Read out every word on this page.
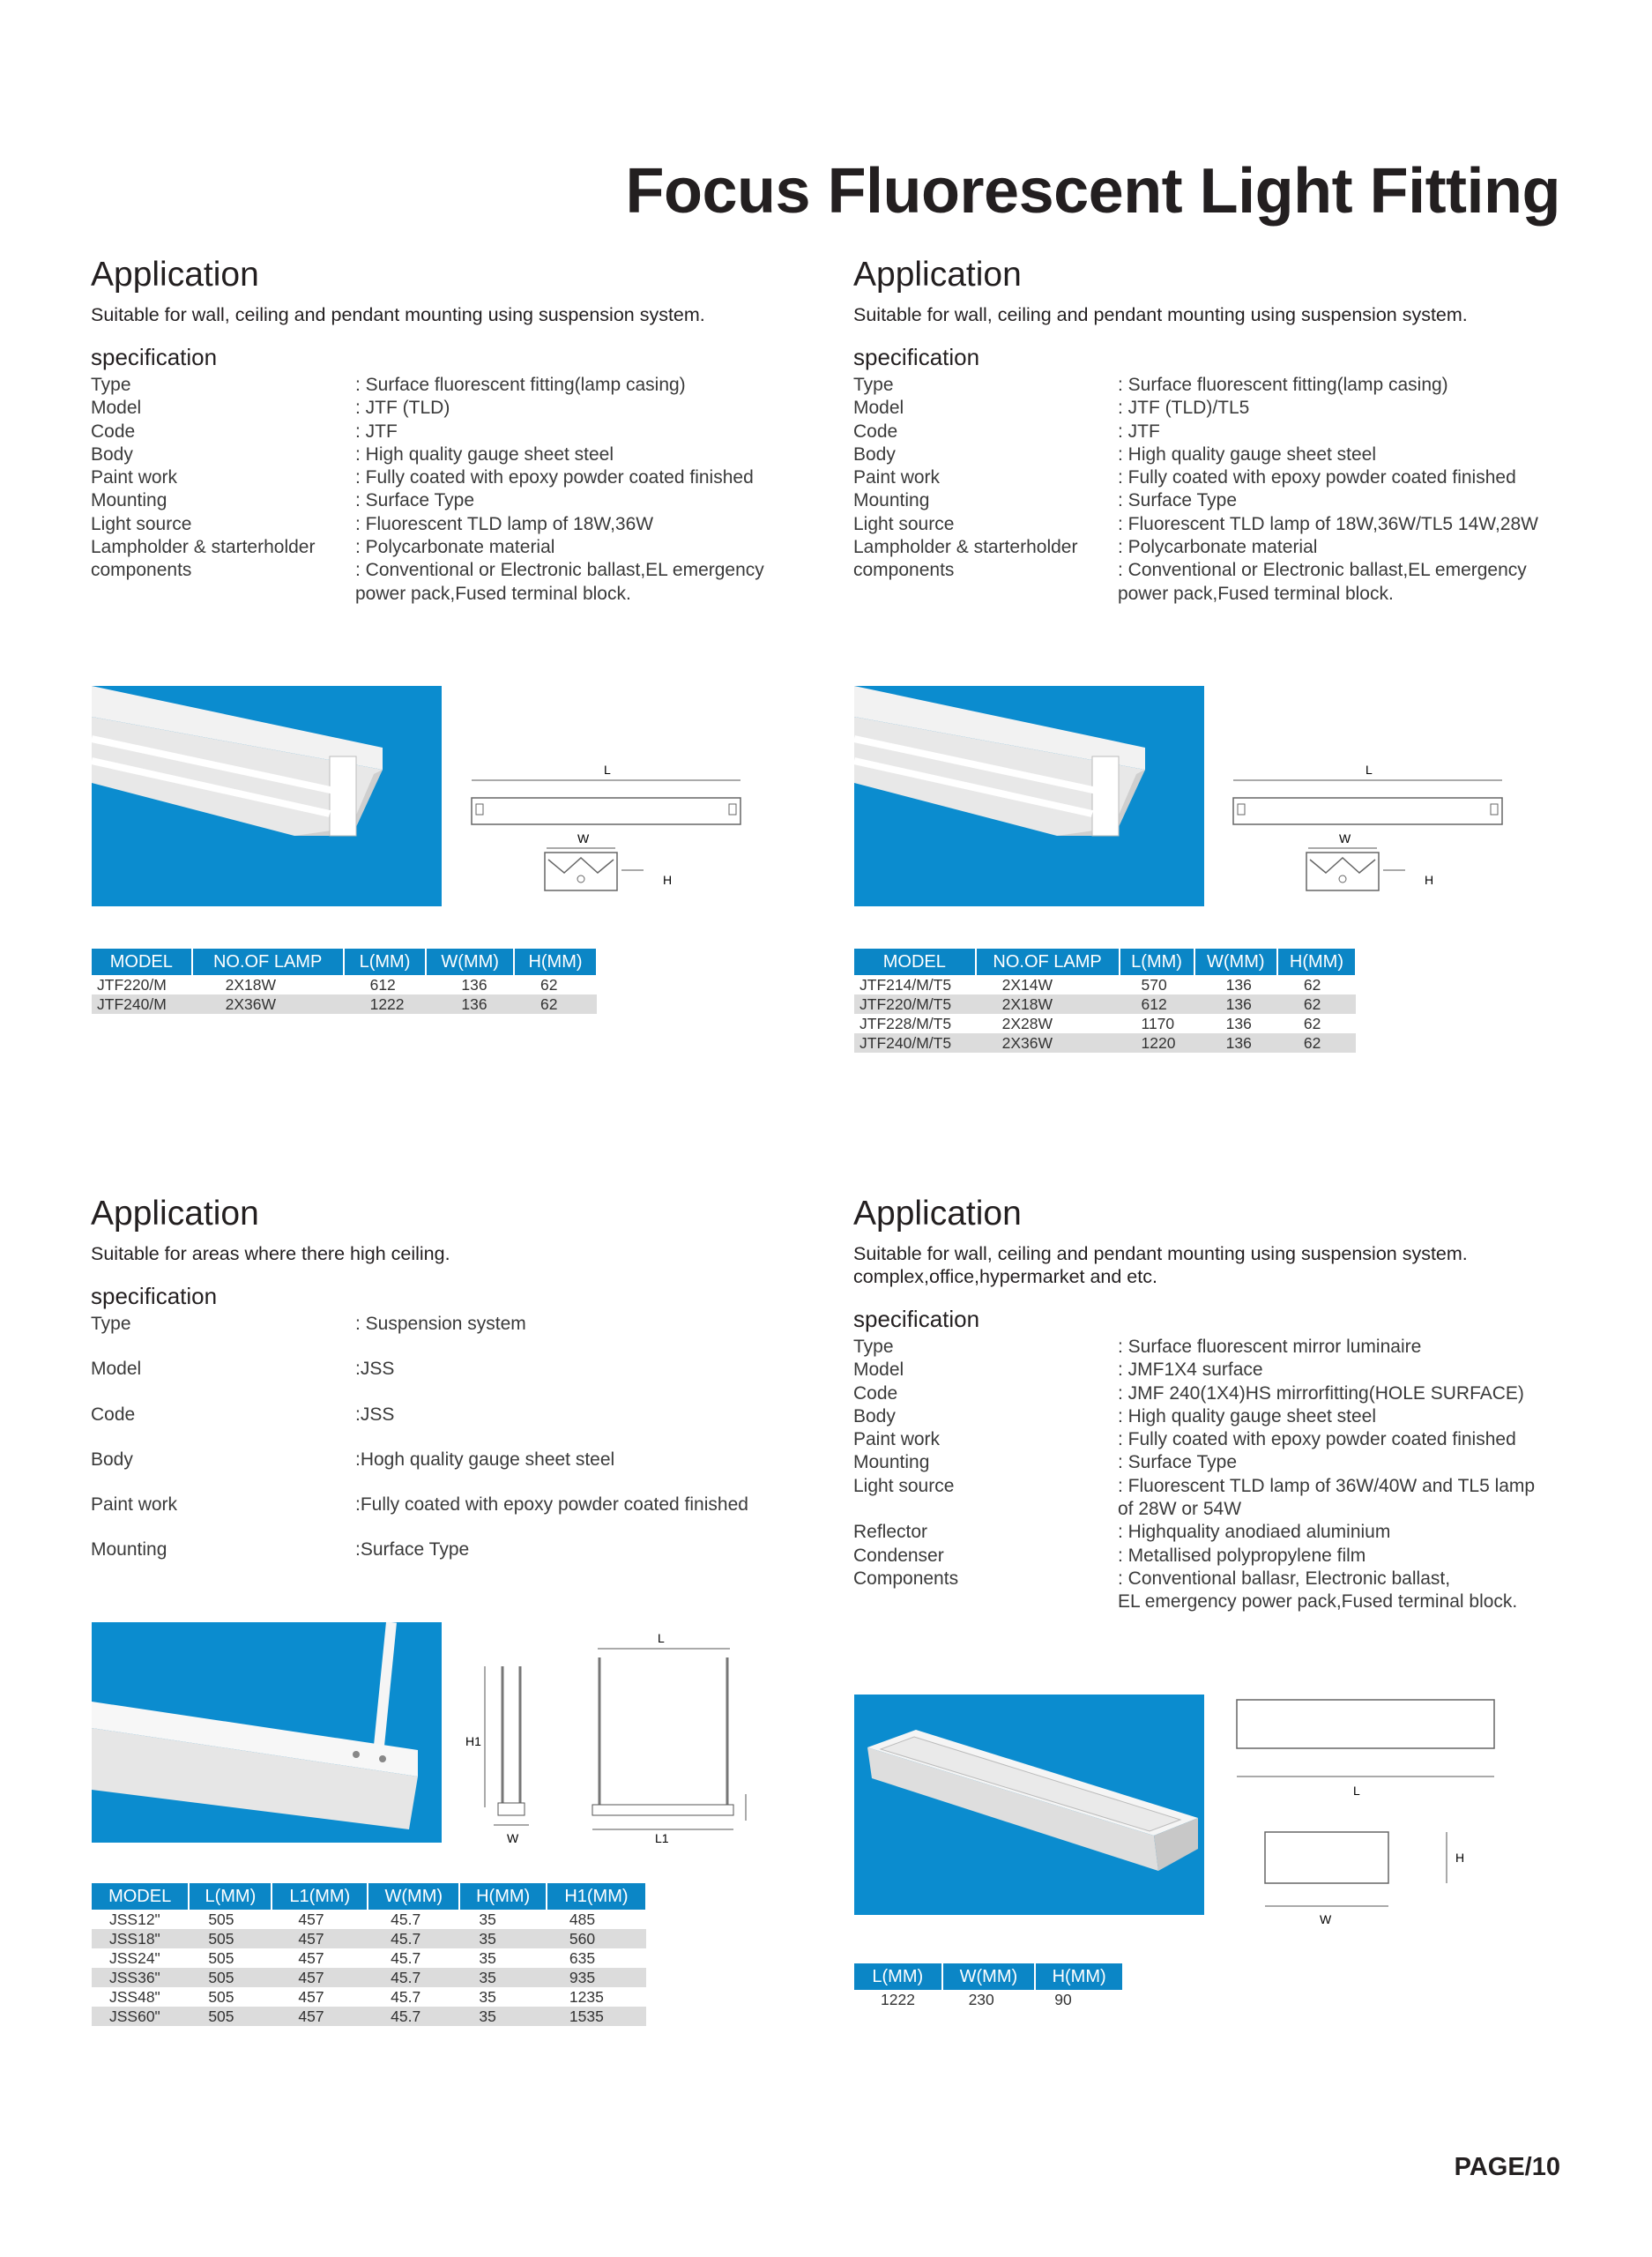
Focus Fluorescent Light Fitting
Application

Suitable for wall, ceiling and pendant mounting using suspension system.

specification
Type	: Surface fluorescent fitting(lamp casing)
Model	: JTF (TLD)
Code	: JTF
Body	: High quality gauge sheet steel
Paint work	: Fully coated with epoxy powder coated finished
Mounting	: Surface Type
Light source	: Fluorescent TLD lamp of 18W,36W
Lampholder & starterholder	: Polycarbonate material
components	: Conventional or Electronic ballast,EL emergency
power pack,Fused terminal block.
L
W
H
MODEL	NO.OF LAMP	L(MM)	W(MM)	H(MM)
JTF220/M	2X18W	612	136	62
JTF240/M	2X36W	1222	136	62
Application

Suitable for wall, ceiling and pendant mounting using suspension system.

specification
Type	: Surface fluorescent fitting(lamp casing)
Model	: JTF (TLD)/TL5
Code	: JTF
Body	: High quality gauge sheet steel
Paint work	: Fully coated with epoxy powder coated finished
Mounting	: Surface Type
Light source	: Fluorescent TLD lamp of 18W,36W/TL5 14W,28W
Lampholder & starterholder	: Polycarbonate material
components	: Conventional or Electronic ballast,EL emergency
power pack,Fused terminal block.
L
W
H
MODEL	NO.OF LAMP	L(MM)	W(MM)	H(MM)
JTF214/M/T5	2X14W	570	136	62
JTF220/M/T5	2X18W	612	136	62
JTF228/M/T5	2X28W	1170	136	62
JTF240/M/T5	2X36W	1220	136	62
Application

Suitable for areas where there high ceiling.

specification
Type	: Suspension system
Model	:JSS
Code	:JSS
Body	:Hogh quality gauge sheet steel
Paint work	:Fully coated with epoxy powder coated finished
Mounting	:Surface Type
H1
W
L
L1
MODEL	L(MM)	L1(MM)	W(MM)	H(MM)	H1(MM)
JSS12"	505	457	45.7	35	485
JSS18"	505	457	45.7	35	560
JSS24"	505	457	45.7	35	635
JSS36"	505	457	45.7	35	935
JSS48"	505	457	45.7	35	1235
JSS60"	505	457	45.7	35	1535
Application

Suitable for wall, ceiling and pendant mounting using suspension system.

complex,office,hypermarket and etc.

specification
Type	: Surface fluorescent mirror luminaire
Model	: JMF1X4 surface
Code	: JMF 240(1X4)HS mirrorfitting(HOLE SURFACE)
Body	: High quality gauge sheet steel
Paint work	: Fully coated with epoxy powder coated finished
Mounting	: Surface Type
Light source	: Fluorescent TLD lamp of 36W/40W and TL5 lamp
of 28W or 54W
Reflector	: Highquality anodiaed aluminium
Condenser	: Metallised polypropylene film
Components	: Conventional ballasr, Electronic ballast,
EL emergency power pack,Fused terminal block.
L
W
H
L(MM)	W(MM)	H(MM)
1222	230	90
PAGE/10
